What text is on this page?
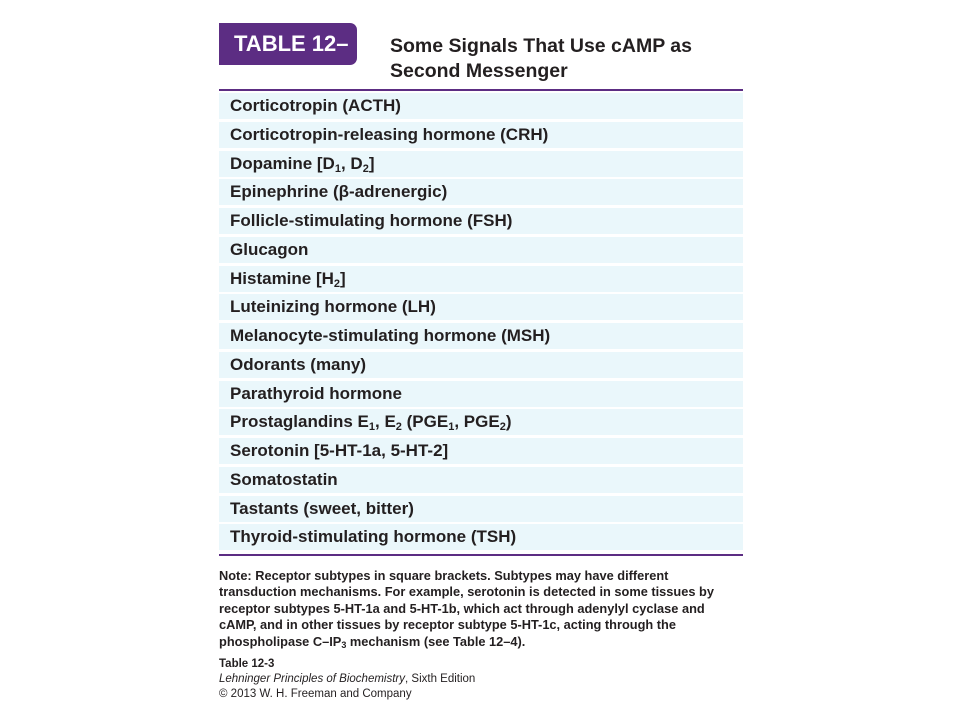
TABLE 12–	Some Signals That Use cAMP as
Second Messenger
Corticotropin (ACTH)
Corticotropin-releasing hormone (CRH)
Dopamine [$D_1$, $D_2$]
Epinephrine (β-adrenergic)
Follicle-stimulating hormone (FSH)
Glucagon
Histamine $[H_2]$
Luteinizing hormone (LH)
Melanocyte-stimulating hormone (MSH)
Odorants (many)
Parathyroid hormone
Prostaglandins $E_1$, $E_2$ ($PGE_1$, $PGE_2$)
Serotonin [5-HT-1a, 5-HT-2]
Somatostatin
Tastants (sweet, bitter)
Thyroid-stimulating hormone (TSH)
Note: Receptor subtypes in square brackets. Subtypes may have different
transduction mechanisms. For example, serotonin is detected in some tissues by
receptor subtypes 5-HT-1a and 5-HT-1b, which act through adenylyl cyclase and
cAMP, and in other tissues by receptor subtype 5-HT-1c, acting through the
phospholipase $C-IP_3$ mechanism (see Table 12–4).
Table 12-3
Lehninger Principles of Biochemistry, Sixth Edition
© 2013 W. H. Freeman and Company
